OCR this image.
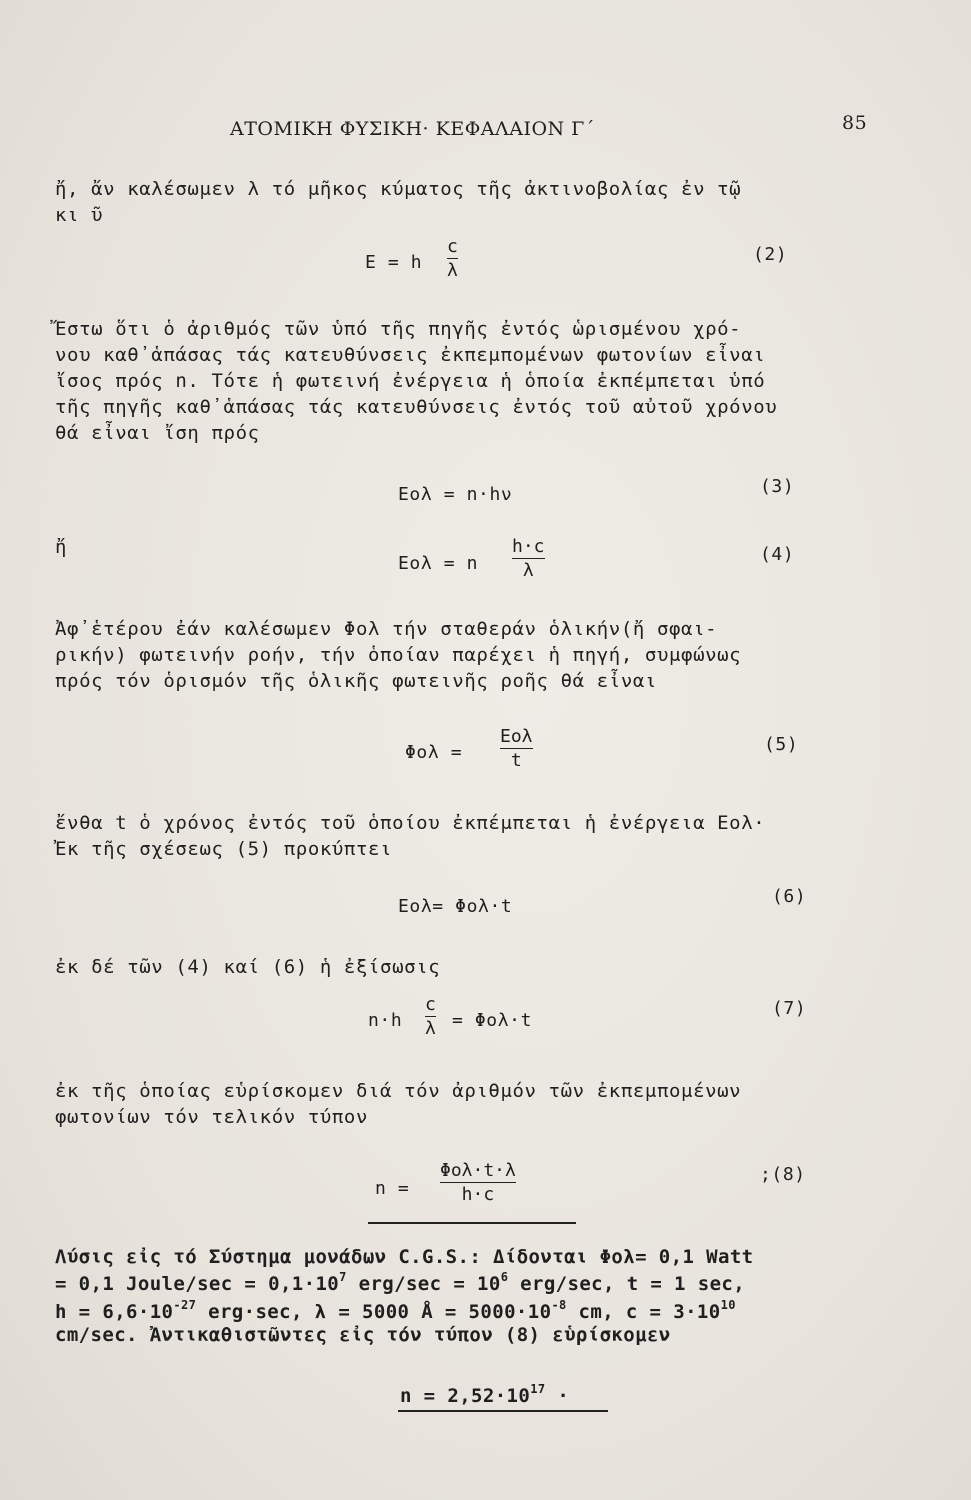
ΑΤΟΜΙΚΗ ΦΥΣΙΚΗ· ΚΕΦΑΛΑΙΟΝ Γ΄	85
ἤ, ἄν καλέσωμεν λ τό μῆκος κύματος τῆς ἀκτινοβολίας ἐν τῷ
κι ῦ
E = h
c
λ
(2)
Ἔστω ὅτι ὁ ἀριθμός τῶν ὑπό τῆς πηγῆς ἐντός ὡρισμένου χρό-
νου καθ᾽ἁπάσας τάς κατευθύνσεις ἐκπεμπομένων φωτονίων εἶναι
ἴσος πρός n. Τότε ἡ φωτεινή ἐνέργεια ἡ ὁποία ἐκπέμπεται ὑπό
τῆς πηγῆς καθ᾽ἁπάσας τάς κατευθύνσεις ἐντός τοῦ αὐτοῦ χρόνου
θά εἶναι ἴση πρός
Εολ = n·hν	(3)
ἤ
Εολ = n
h·c
λ
(4)
Ἀφ᾽ἑτέρου ἐάν καλέσωμεν Φολ τήν σταθεράν ὁλικήν(ἤ σφαι-
ρικήν) φωτεινήν ροήν, τήν ὁποίαν παρέχει ἡ πηγή, συμφώνως
πρός τόν ὁρισμόν τῆς ὁλικῆς φωτεινῆς ροῆς θά εἶναι
Φολ =
Εολ
t
(5)
ἔνθα t ὁ χρόνος ἐντός τοῦ ὁποίου ἐκπέμπεται ἡ ἐνέργεια Εολ·
Ἐκ τῆς σχέσεως (5) προκύπτει
Εολ= Φολ·t	(6)
ἐκ δέ τῶν (4) καί (6) ἡ ἐξίσωσις
n·h
c
λ = Φολ·t
(7)
ἐκ τῆς ὁποίας εὑρίσκομεν διά τόν ἀριθμόν τῶν ἐκπεμπομένων
φωτονίων τόν τελικόν τύπον
n =
Φολ·t·λ
h·c
;(8)
Λύσις εἰς τό Σύστημα μονάδων C.G.S.: Δίδονται Φολ= 0,1 Watt
= 0,1 Joule/sec = $0,1\cdot 10^7$ $erg/\sec = 10^6$ erg/sec, t = 1 sec,
$h = 6,6\cdot 10^{-27}$ erg·sec, λ = 5000 Å = $5000\cdot 10^{-8}$ cm, $c = 3\cdot 10^{10}$
cm/sec. Ἀντικαθιστῶντες εἰς τόν τύπον (8) εὑρίσκομεν
$n = 2,52\cdot 10^{17}$ ·
